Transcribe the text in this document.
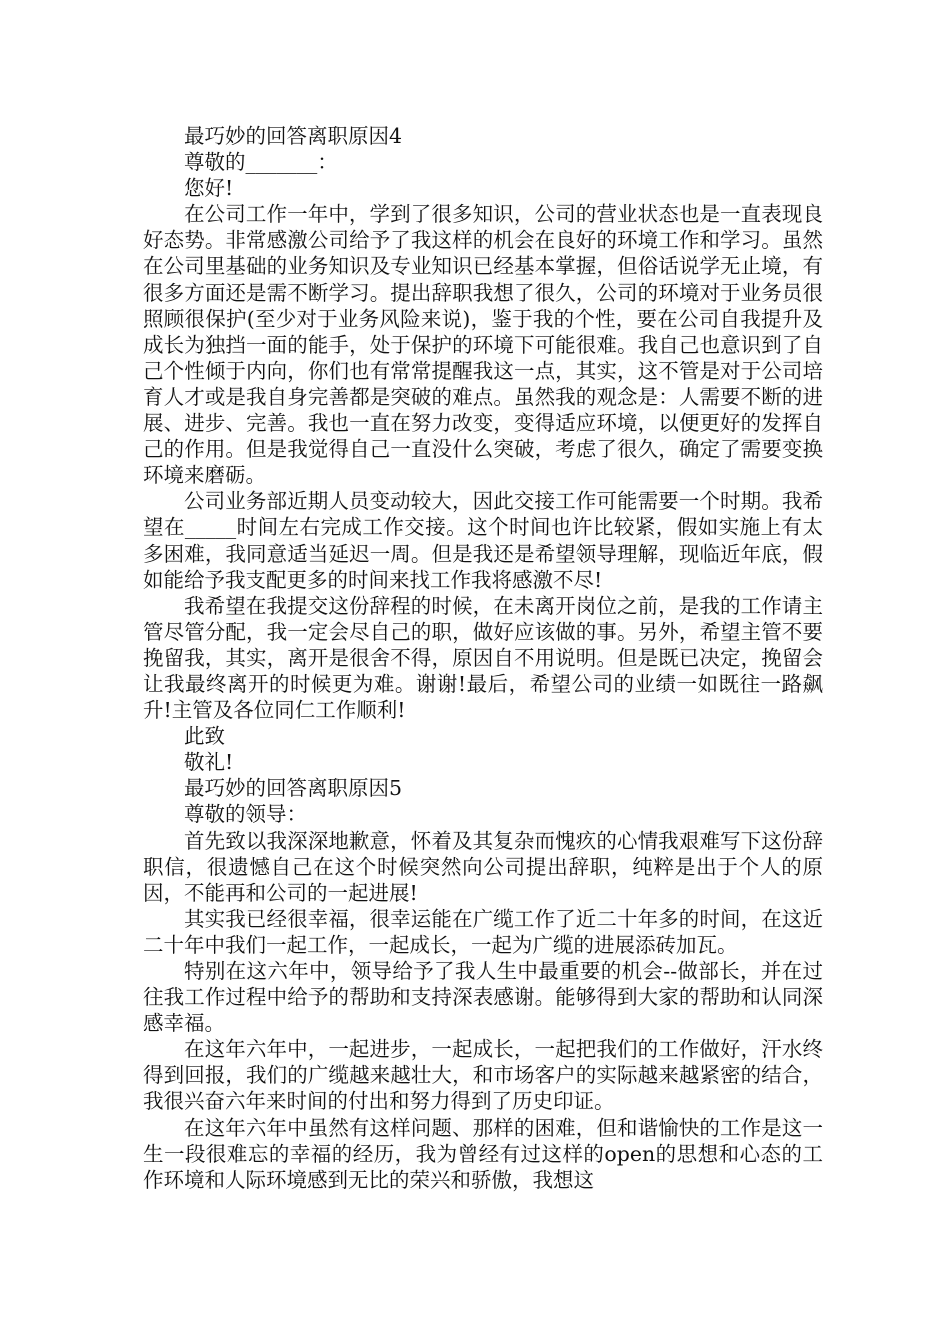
最巧妙的回答离职原因4

尊敬的_______：

您好!

在公司工作一年中，学到了很多知识，公司的营业状态也是一直表现良好态势。非常感激公司给予了我这样的机会在良好的环境工作和学习。虽然在公司里基础的业务知识及专业知识已经基本掌握，但俗话说学无止境，有很多方面还是需不断学习。提出辞职我想了很久，公司的环境对于业务员很照顾很保护(至少对于业务风险来说)，鉴于我的个性，要在公司自我提升及成长为独挡一面的能手，处于保护的环境下可能很难。我自己也意识到了自己个性倾于内向，你们也有常常提醒我这一点，其实，这不管是对于公司培育人才或是我自身完善都是突破的难点。虽然我的观念是：人需要不断的进展、进步、完善。我也一直在努力改变，变得适应环境，以便更好的发挥自己的作用。但是我觉得自己一直没什么突破，考虑了很久，确定了需要变换环境来磨砺。

公司业务部近期人员变动较大，因此交接工作可能需要一个时期。我希望在_____时间左右完成工作交接。这个时间也许比较紧，假如实施上有太多困难，我同意适当延迟一周。但是我还是希望领导理解，现临近年底，假如能给予我支配更多的时间来找工作我将感激不尽!

我希望在我提交这份辞程的时候，在未离开岗位之前，是我的工作请主管尽管分配，我一定会尽自己的职，做好应该做的事。另外，希望主管不要挽留我，其实，离开是很舍不得，原因自不用说明。但是既已决定，挽留会让我最终离开的时候更为难。谢谢!最后，希望公司的业绩一如既往一路飙升!主管及各位同仁工作顺利!

此致

敬礼!

最巧妙的回答离职原因5

尊敬的领导：

首先致以我深深地歉意，怀着及其复杂而愧疚的心情我艰难写下这份辞职信，很遗憾自己在这个时候突然向公司提出辞职，纯粹是出于个人的原因，不能再和公司的一起进展!

其实我已经很幸福，很幸运能在广缆工作了近二十年多的时间，在这近二十年中我们一起工作，一起成长，一起为广缆的进展添砖加瓦。

特别在这六年中，领导给予了我人生中最重要的机会--做部长，并在过往我工作过程中给予的帮助和支持深表感谢。能够得到大家的帮助和认同深感幸福。

在这年六年中，一起进步，一起成长，一起把我们的工作做好，汗水终得到回报，我们的广缆越来越壮大，和市场客户的实际越来越紧密的结合，我很兴奋六年来时间的付出和努力得到了历史印证。

在这年六年中虽然有这样问题、那样的困难，但和谐愉快的工作是这一生一段很难忘的幸福的经历，我为曾经有过这样的open的思想和心态的工作环境和人际环境感到无比的荣兴和骄傲，我想这
